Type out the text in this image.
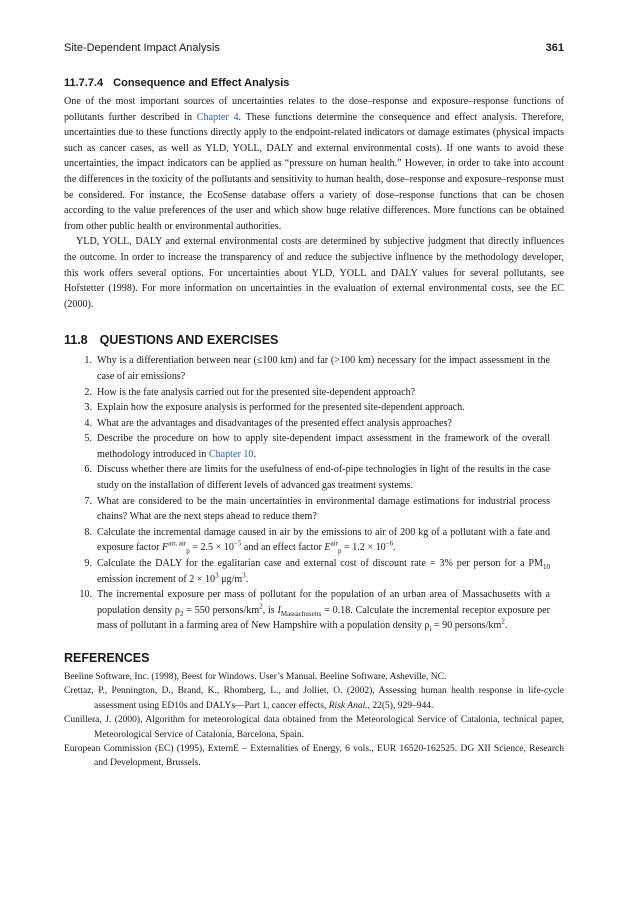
Site-Dependent Impact Analysis	361
11.7.7.4 Consequence and Effect Analysis

One of the most important sources of uncertainties relates to the dose–response and exposure–response functions of pollutants further described in Chapter 4. These functions determine the consequence and effect analysis. Therefore, uncertainties due to these functions directly apply to the endpoint-related indicators or damage estimates (physical impacts such as cancer cases, as well as YLD, YOLL, DALY and external environmental costs). If one wants to avoid these uncertainties, the impact indicators can be applied as “pressure on human health.” However, in order to take into account the differences in the toxicity of the pollutants and sensitivity to human health, dose–response and exposure–response must be considered. For instance, the EcoSense database offers a variety of dose–response functions that can be chosen according to the value preferences of the user and which show huge relative differences. More functions can be obtained from other public health or environmental authorities.

YLD, YOLL, DALY and external environmental costs are determined by subjective judgment that directly influences the outcome. In order to increase the transparency of and reduce the subjective influence by the methodology developer, this work offers several options. For uncertainties about YLD, YOLL and DALY values for several pollutants, see Hofstetter (1998). For more information on uncertainties in the evaluation of external environmental costs, see the EC (2000).

11.8 QUESTIONS AND EXERCISES
1. Why is a differentiation between near (≤100 km) and far (>100 km) necessary for the impact assessment in the case of air emissions?
2. How is the fate analysis carried out for the presented site-dependent approach?
3. Explain how the exposure analysis is performed for the presented site-dependent approach.
4. What are the advantages and disadvantages of the presented effect analysis approaches?
5. Describe the procedure on how to apply site-dependent impact assessment in the framework of the overall methodology introduced in Chapter 10.
6. Discuss whether there are limits for the usefulness of end-of-pipe technologies in light of the results in the case study on the installation of different levels of advanced gas treatment systems.
7. What are considered to be the main uncertainties in environmental damage estimations for industrial process chains? What are the next steps ahead to reduce them?
8. Calculate the incremental damage caused in air by the emissions to air of 200 kg of a pollutant with a fate and exposure factor $F^{air, air}_p = 2.5 \times 10^{-5}$ and an effect factor $E^{air}_p = 1.2 \times 10^{-6}$.
9. Calculate the DALY for the egalitarian case and external cost of discount rate = 3% per person for a $PM_{10}$ emission increment of $2 \times 10^3$ $\mu g/m^3$.
10. The incremental exposure per mass of pollutant for the population of an urban area of Massachusetts with a population density $\rho_2 = 550$ persons/$km^2$, is $I_{Massachusetts} = 0.18$. Calculate the incremental receptor exposure per mass of pollutant in a farming area of New Hampshire with a population density $\rho_i = 90$ persons/$km^2$.
REFERENCES

Beeline Software, Inc. (1998), Beest for Windows. User’s Manual. Beeline Software, Asheville, NC.

Crettaz, P., Pennington, D., Brand, K., Rhomberg, L., and Jolliet, O. (2002), Assessing human health response in life-cycle assessment using ED10s and DALYs—Part 1, cancer effects, Risk Anal., 22(5), 929–944.

Cunillera, J. (2000), Algorithm for meteorological data obtained from the Meteorological Service of Catalonia, technical paper, Meteorological Service of Catalonia, Barcelona, Spain.

European Commission (EC) (1995), ExternE – Externalities of Energy, 6 vols., EUR 16520-162525. DG XII Science, Research and Development, Brussels.
